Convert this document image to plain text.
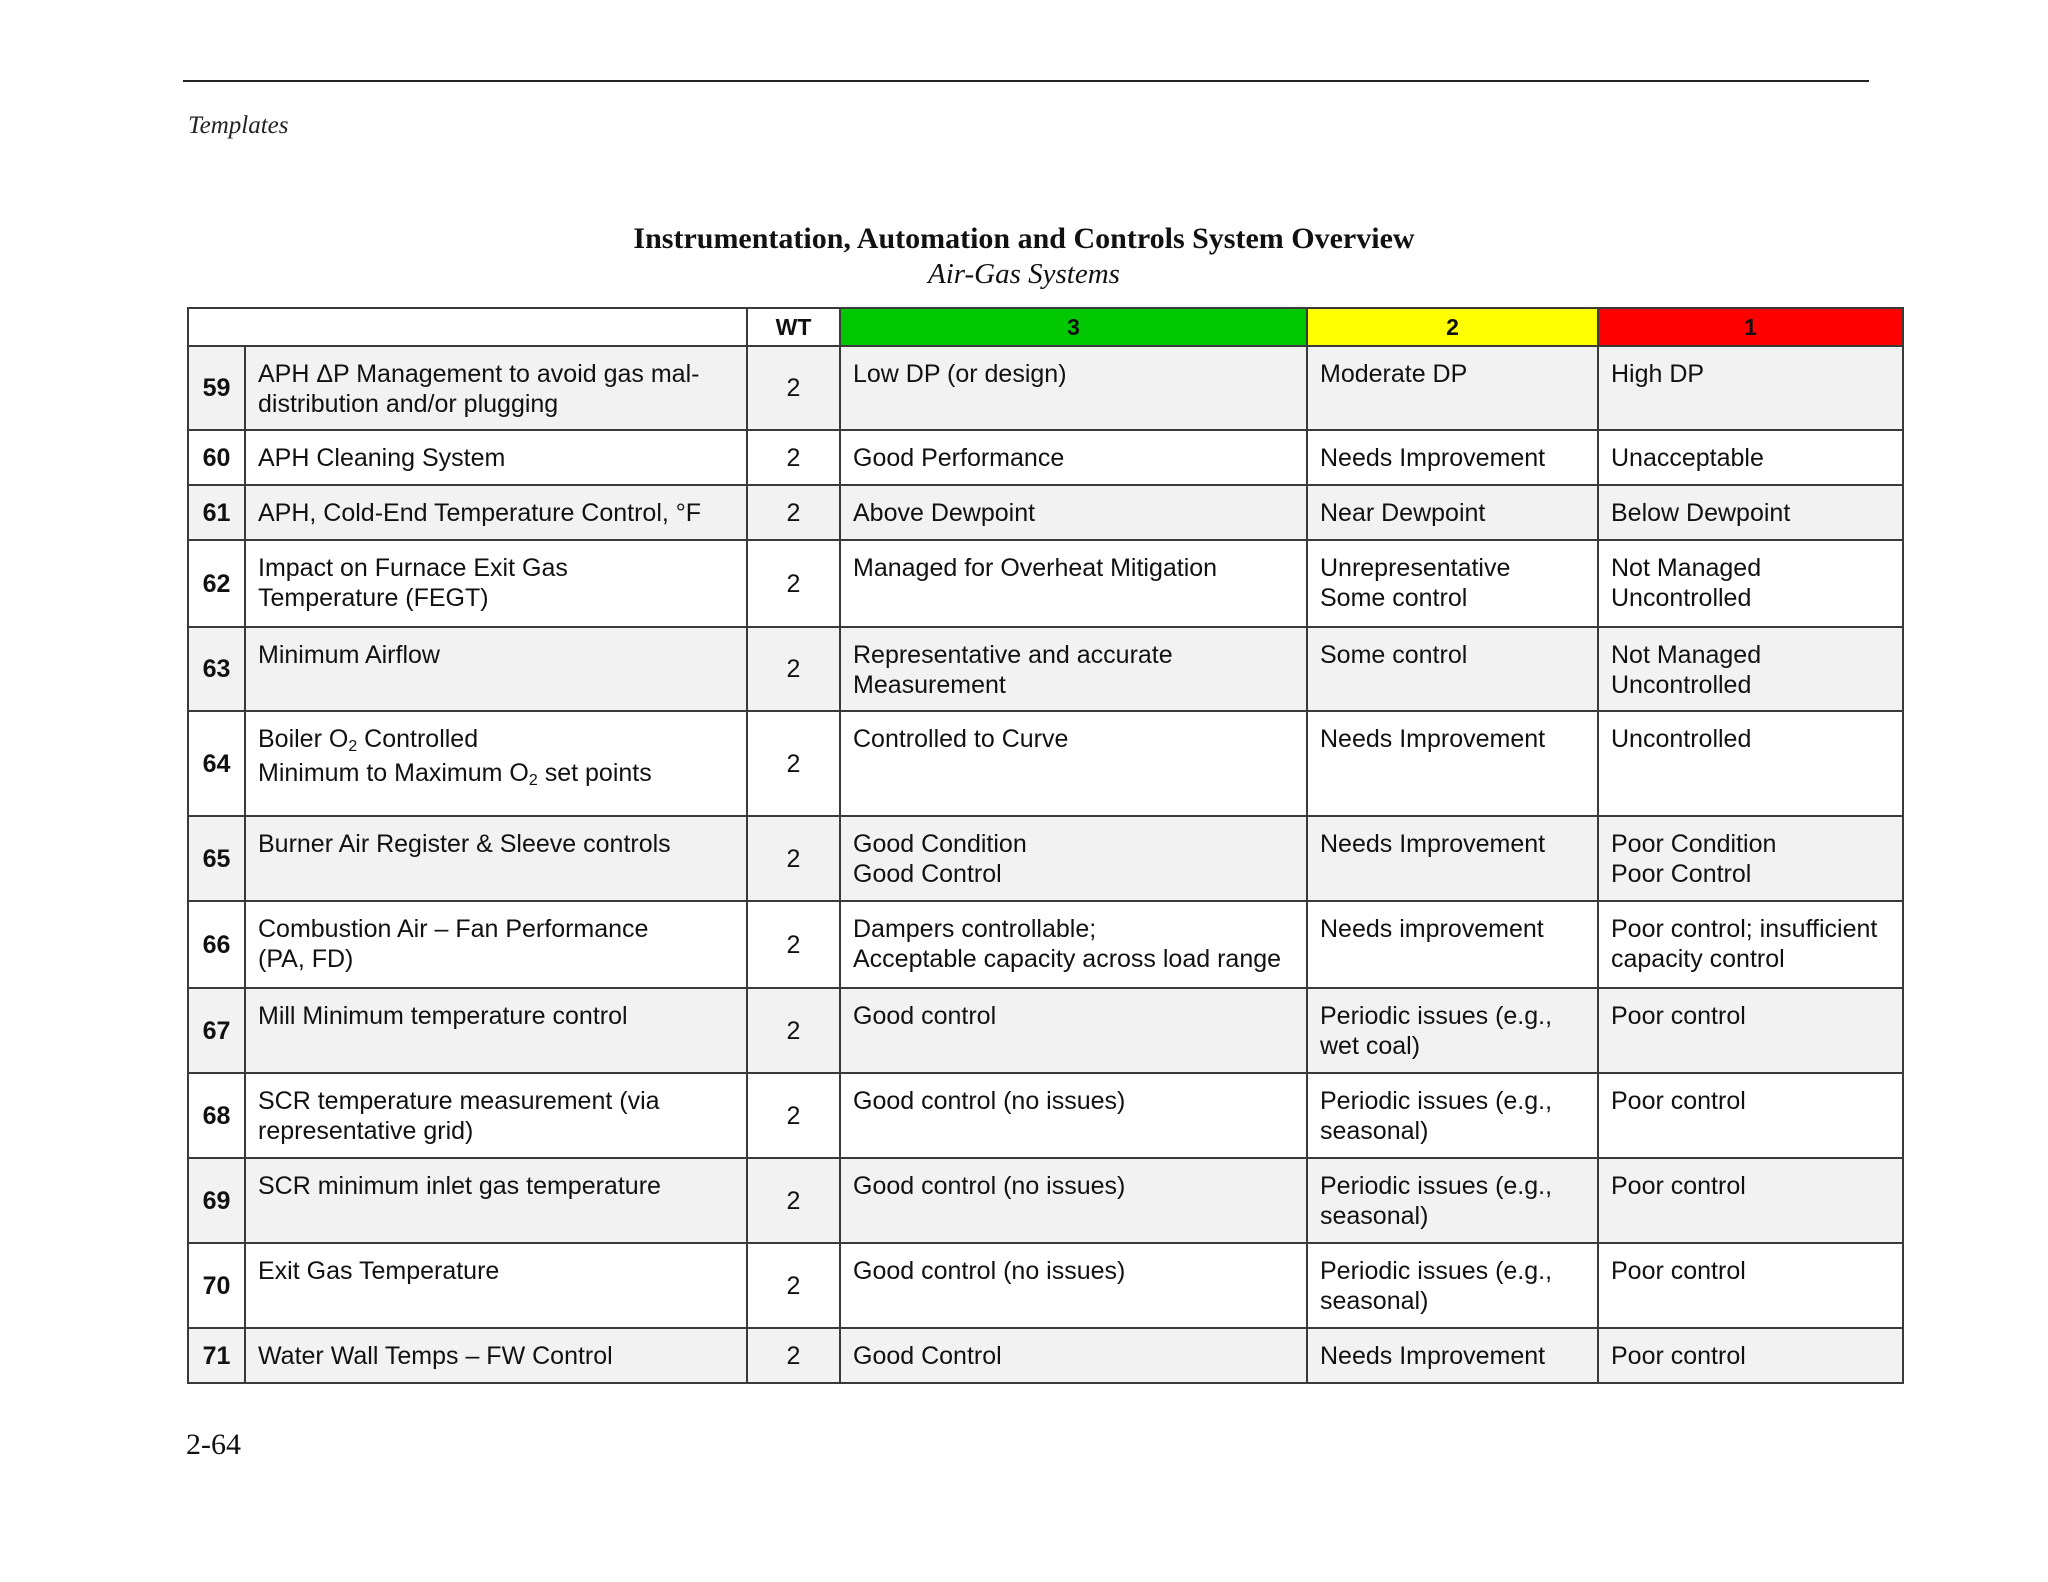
Templates
Instrumentation, Automation and Controls System Overview
Air-Gas Systems
		WT	3	2	1
59	APH ΔP Management to avoid gas mal-
distribution and/or plugging	2	Low DP (or design)	Moderate DP	High DP

60	APH Cleaning System	2	Good Performance	Needs Improvement	Unacceptable

61	APH, Cold-End Temperature Control, °F	2	Above Dewpoint	Near Dewpoint	Below Dewpoint

62	Impact on Furnace Exit Gas
Temperature (FEGT)	2	Managed for Overheat Mitigation	Unrepresentative
Some control	Not Managed
Uncontrolled

63	Minimum Airflow	2	Representative and accurate
Measurement	Some control	Not Managed
Uncontrolled

64	Boiler $O_2$ Controlled
Minimum to Maximum $O_2$ set points	2	Controlled to Curve	Needs Improvement	Uncontrolled

65	Burner Air Register & Sleeve controls	2	Good Condition
Good Control	Needs Improvement	Poor Condition
Poor Control

66	Combustion Air – Fan Performance
(PA, FD)	2	Dampers controllable;
Acceptable capacity across load range	Needs improvement	Poor control; insufficient
capacity control

67	Mill Minimum temperature control	2	Good control	Periodic issues (e.g.,
wet coal)	Poor control

68	SCR temperature measurement (via
representative grid)	2	Good control (no issues)	Periodic issues (e.g.,
seasonal)	Poor control

69	SCR minimum inlet gas temperature	2	Good control (no issues)	Periodic issues (e.g.,
seasonal)	Poor control

70	Exit Gas Temperature	2	Good control (no issues)	Periodic issues (e.g.,
seasonal)	Poor control

71	Water Wall Temps – FW Control	2	Good Control	Needs Improvement	Poor control
2-64
